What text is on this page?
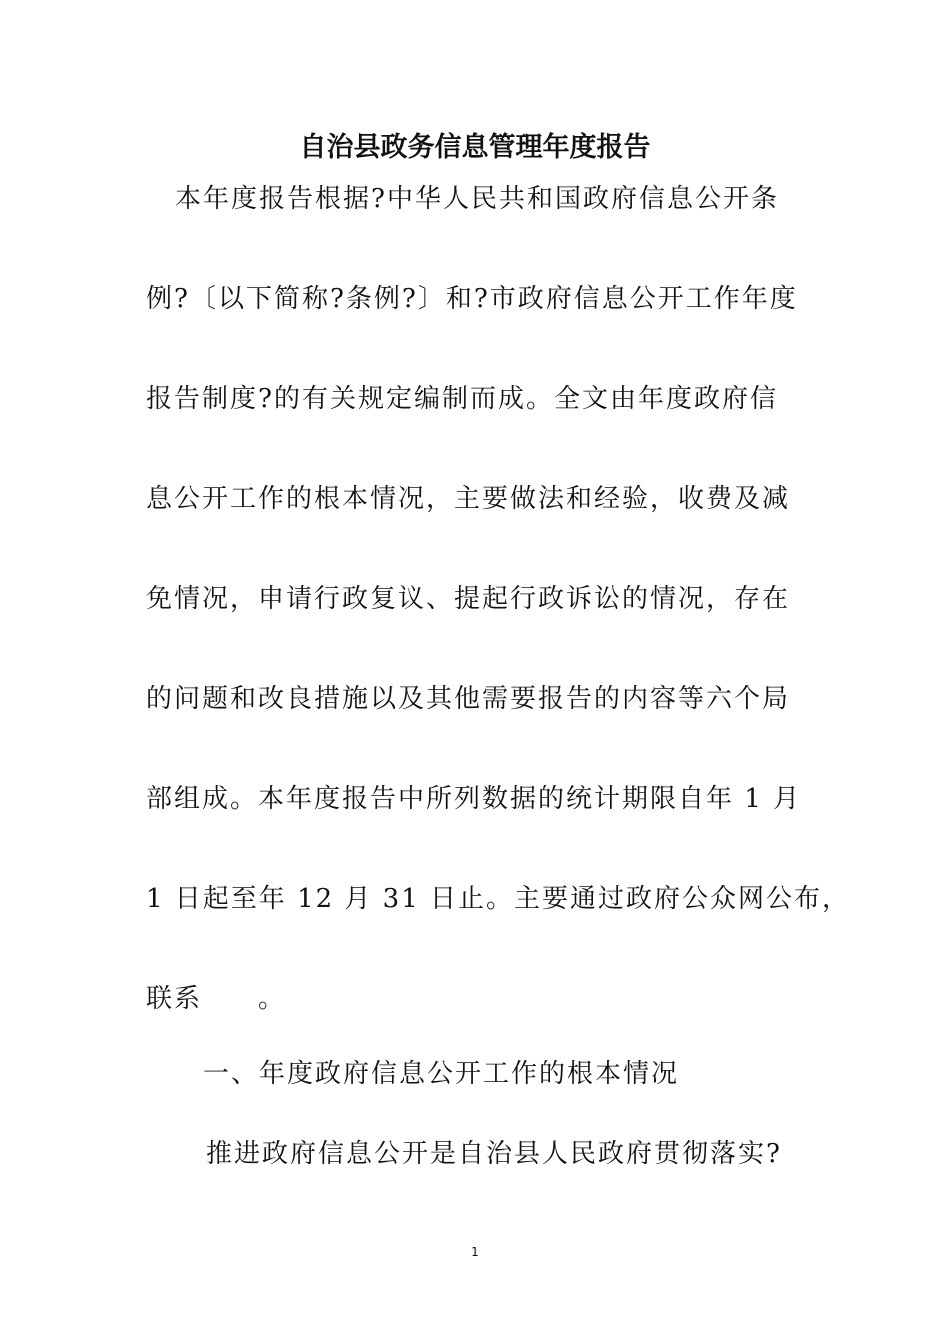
自治县政务信息管理年度报告
本年度报告根据?中华人民共和国政府信息公开条
例?〔以下简称?条例?〕和?市政府信息公开工作年度
报告制度?的有关规定编制而成。全文由年度政府信
息公开工作的根本情况，主要做法和经验，收费及减
免情况，申请行政复议、提起行政诉讼的情况，存在
的问题和改良措施以及其他需要报告的内容等六个局
部组成。本年度报告中所列数据的统计期限自年 1 月
1 日起至年 12 月 31 日止。主要通过政府公众网公布，
联系　　。
一、年度政府信息公开工作的根本情况
推进政府信息公开是自治县人民政府贯彻落实?
1
